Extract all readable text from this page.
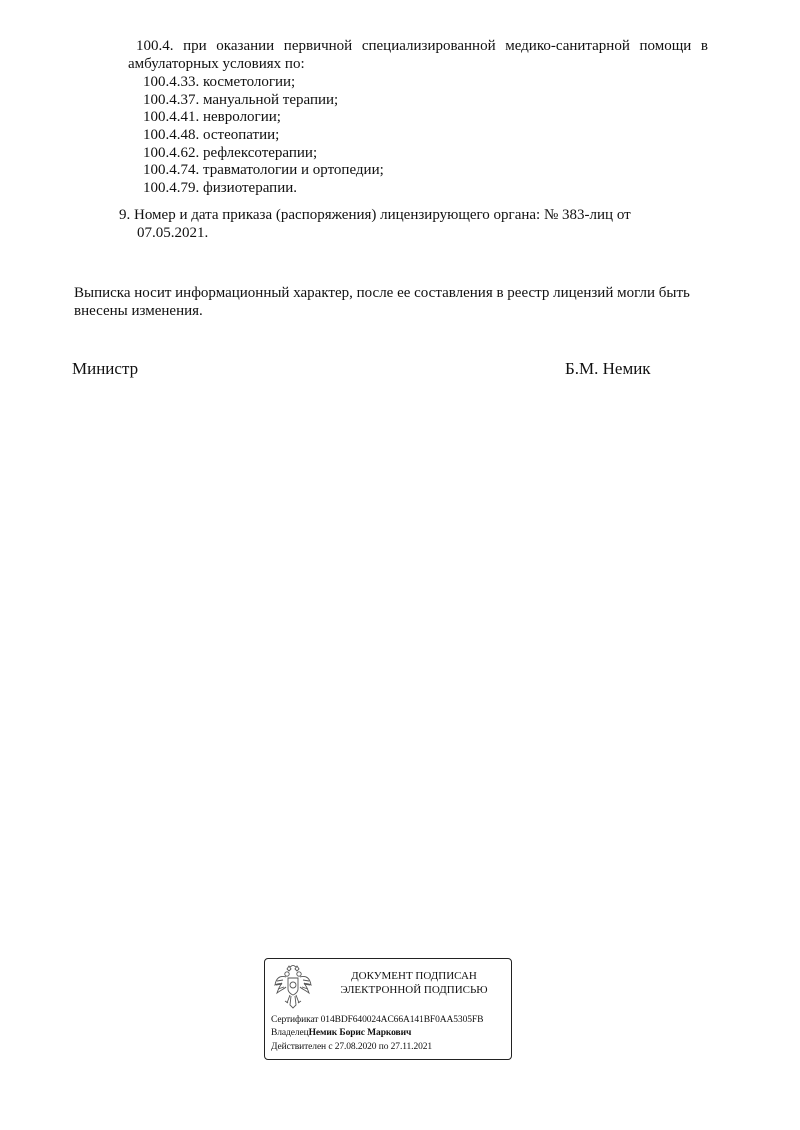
100.4. при оказании первичной специализированной медико-санитарной помощи в
амбулаторных условиях по:
100.4.33. косметологии;
100.4.37. мануальной терапии;
100.4.41. неврологии;
100.4.48. остеопатии;
100.4.62. рефлексотерапии;
100.4.74. травматологии и ортопедии;
100.4.79. физиотерапии.
9. Номер и дата приказа (распоряжения) лицензирующего органа: № 383-лиц от
07.05.2021.
Выписка носит информационный характер, после ее составления в реестр лицензий могли быть
внесены изменения.
Министр	Б.М. Немик
ДОКУМЕНТ ПОДПИСАН
ЭЛЕКТРОННОЙ ПОДПИСЬЮ
Сертификат 014BDF640024AC66A141BF0AA5305FB
ВладелецНемик Борис Маркович
Действителен с 27.08.2020 по 27.11.2021
